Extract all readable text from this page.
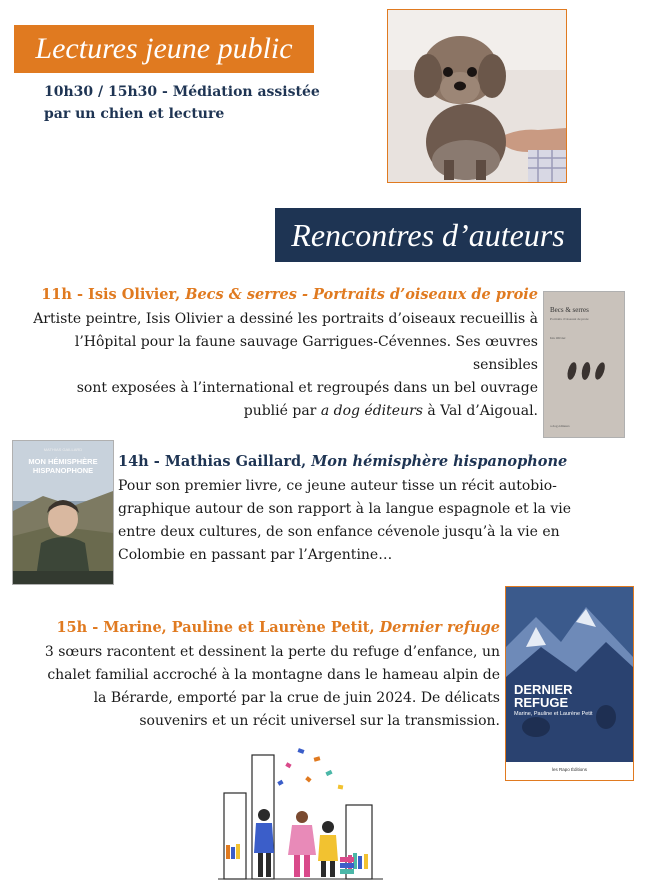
Lectures jeune public
10h30 / 15h30 - Médiation assistée
par un chien et lecture
Rencontres d’auteurs
11h - Isis Olivier, Becs & serres - Portraits d’oiseaux de proie
Artiste peintre, Isis Olivier a dessiné les portraits d’oiseaux recueillis à
l’Hôpital pour la faune sauvage Garrigues-Cévennes. Ses œuvres sensibles
sont exposées à l’international et regroupés dans un bel ouvrage
publié par a dog éditeurs à Val d’Aigoual.
Becs & serres
Portraits d’oiseaux de proie
Isis Olivier
a dog éditeurs
MATHIAS GAILLARD
MON HÉMISPHÈRE
HISPANOPHONE
14h - Mathias Gaillard, Mon hémisphère hispanophone
Pour son premier livre, ce jeune auteur tisse un récit autobio-
graphique autour de son rapport à la langue espagnole et la vie
entre deux cultures, de son enfance cévenole jusqu’à la vie en
Colombie en passant par l’Argentine…
15h - Marine, Pauline et Laurène Petit, Dernier refuge
3 sœurs racontent et dessinent la perte du refuge d’enfance, un
chalet familial accroché à la montagne dans le hameau alpin de
la Bérarde, emporté par la crue de juin 2024. De délicats
souvenirs et un récit universel sur la transmission.
DERNIER
REFUGE
Marine, Pauline et Laurène Petit
les Rapo Éditions
